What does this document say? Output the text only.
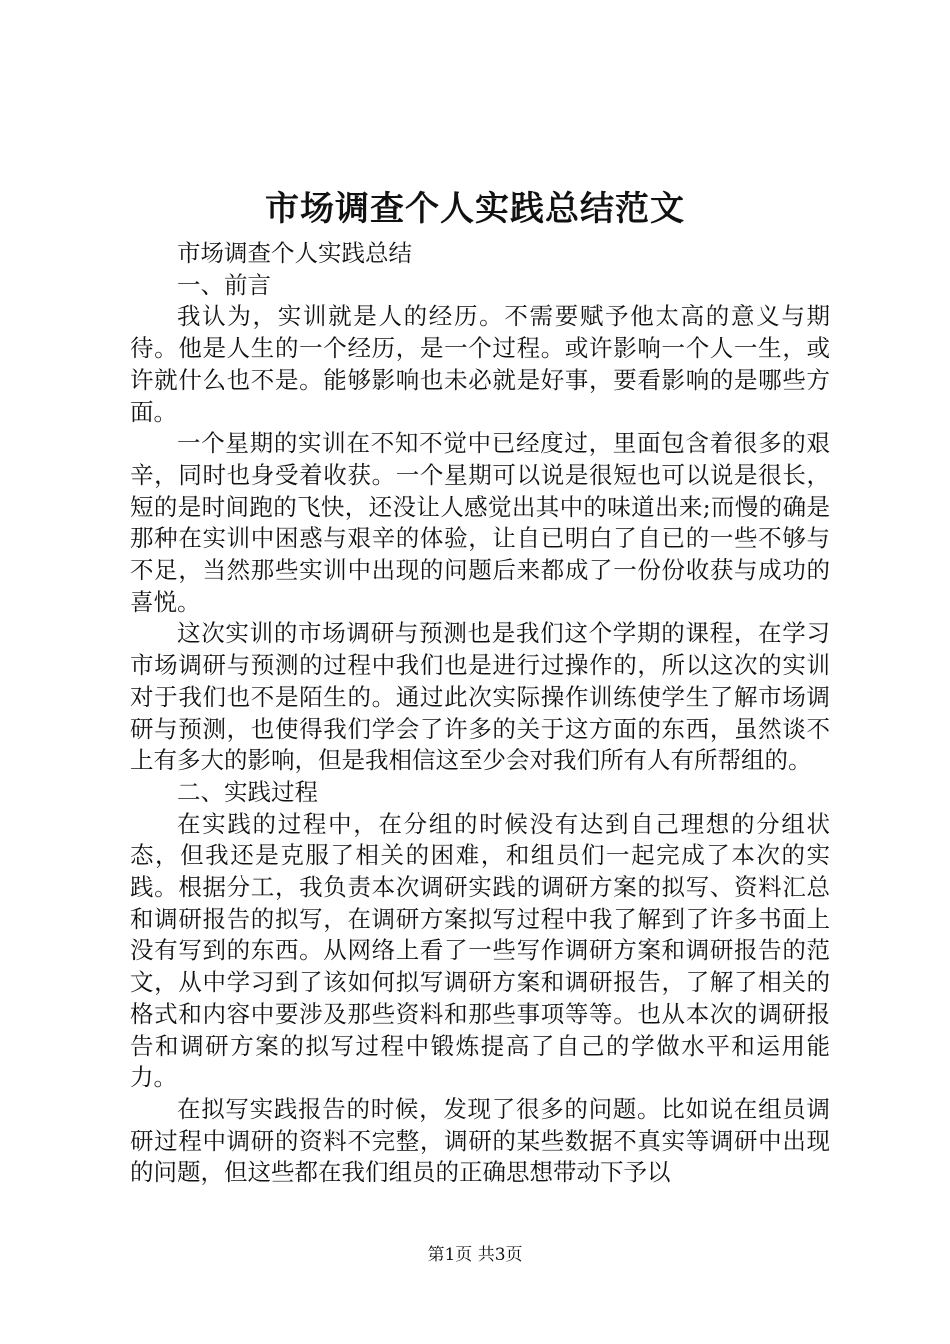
市场调查个人实践总结范文

市场调查个人实践总结

一、前言

我认为，实训就是人的经历。不需要赋予他太高的意义与期待。他是人生的一个经历，是一个过程。或许影响一个人一生，或许就什么也不是。能够影响也未必就是好事，要看影响的是哪些方面。

一个星期的实训在不知不觉中已经度过，里面包含着很多的艰辛，同时也身受着收获。一个星期可以说是很短也可以说是很长，短的是时间跑的飞快，还没让人感觉出其中的味道出来;而慢的确是那种在实训中困惑与艰辛的体验，让自已明白了自已的一些不够与不足，当然那些实训中出现的问题后来都成了一份份收获与成功的喜悦。

这次实训的市场调研与预测也是我们这个学期的课程，在学习市场调研与预测的过程中我们也是进行过操作的，所以这次的实训对于我们也不是陌生的。通过此次实际操作训练使学生了解市场调研与预测，也使得我们学会了许多的关于这方面的东西，虽然谈不上有多大的影响，但是我相信这至少会对我们所有人有所帮组的。

二、实践过程

在实践的过程中，在分组的时候没有达到自己理想的分组状态，但我还是克服了相关的困难，和组员们一起完成了本次的实践。根据分工，我负责本次调研实践的调研方案的拟写、资料汇总和调研报告的拟写，在调研方案拟写过程中我了解到了许多书面上没有写到的东西。从网络上看了一些写作调研方案和调研报告的范文，从中学习到了该如何拟写调研方案和调研报告，了解了相关的格式和内容中要涉及那些资料和那些事项等等。也从本次的调研报告和调研方案的拟写过程中锻炼提高了自己的学做水平和运用能力。

在拟写实践报告的时候，发现了很多的问题。比如说在组员调研过程中调研的资料不完整，调研的某些数据不真实等调研中出现的问题，但这些都在我们组员的正确思想带动下予以

第1页 共3页
